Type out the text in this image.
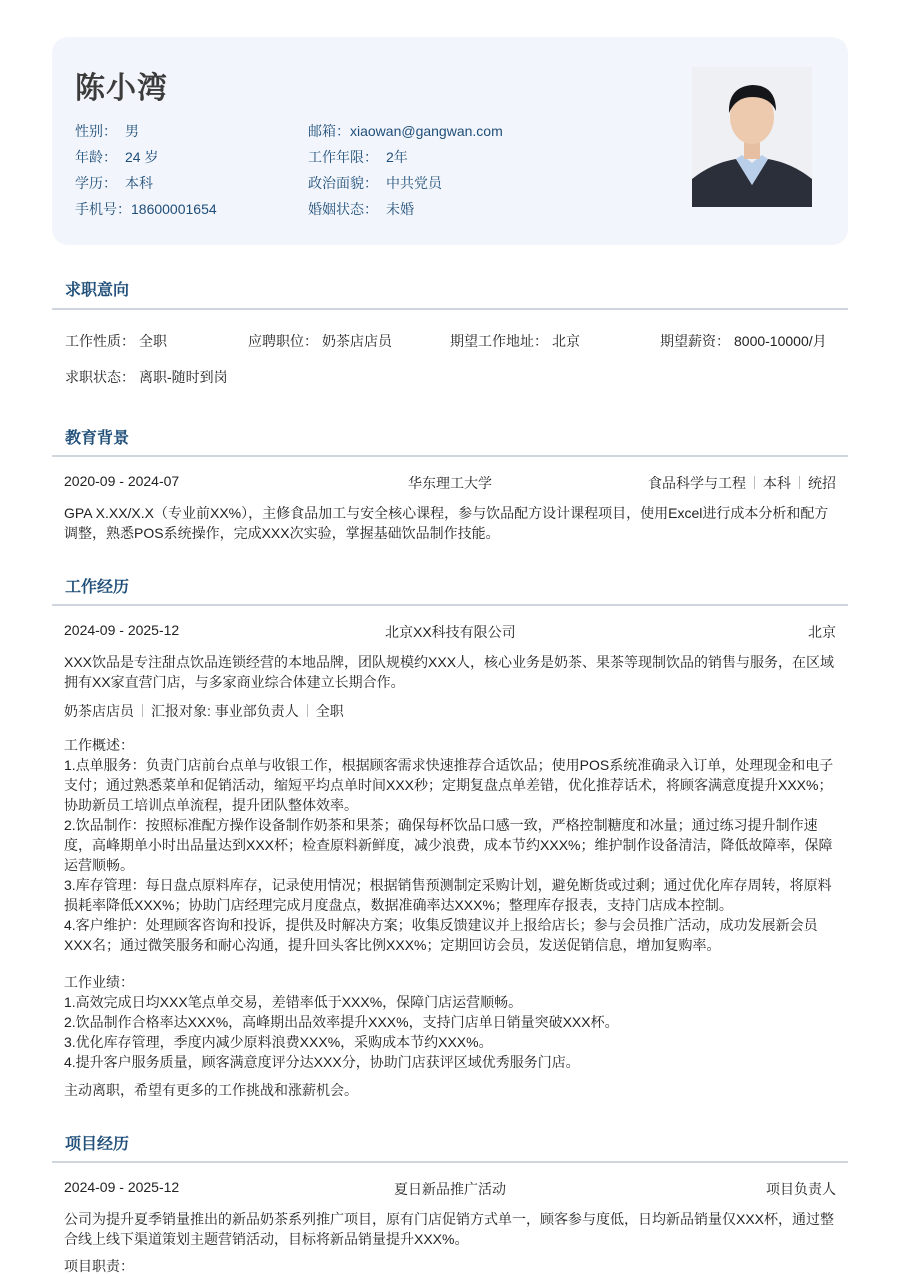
陈小湾
性别： 男
年龄： 24 岁
学历： 本科
手机号：18600001654
邮箱：xiaowan@gangwan.com
工作年限： 2年
政治面貌： 中共党员
婚姻状态： 未婚
求职意向
工作性质： 全职	应聘职位： 奶茶店店员	期望工作地址： 北京	期望薪资： 8000-10000/月
求职状态： 离职-随时到岗
教育背景
2020-09 - 2024-07	华东理工大学	食品科学与工程 本科 统招
GPA X.XX/X.X（专业前XX%），主修食品加工与安全核心课程，参与饮品配方设计课程项目，使用Excel进行成本分析和配方
调整，熟悉POS系统操作，完成XXX次实验，掌握基础饮品制作技能。
工作经历
2024-09 - 2025-12	北京XX科技有限公司	北京
XXX饮品是专注甜点饮品连锁经营的本地品牌，团队规模约XXX人，核心业务是奶茶、果茶等现制饮品的销售与服务，在区域
拥有XX家直营门店，与多家商业综合体建立长期合作。
奶茶店店员 汇报对象: 事业部负责人 全职
工作概述：
1.点单服务：负责门店前台点单与收银工作，根据顾客需求快速推荐合适饮品；使用POS系统准确录入订单，处理现金和电子
支付；通过熟悉菜单和促销活动，缩短平均点单时间XXX秒；定期复盘点单差错，优化推荐话术，将顾客满意度提升XXX%；
协助新员工培训点单流程，提升团队整体效率。
2.饮品制作：按照标准配方操作设备制作奶茶和果茶；确保每杯饮品口感一致，严格控制糖度和冰量；通过练习提升制作速
度，高峰期单小时出品量达到XXX杯；检查原料新鲜度，减少浪费，成本节约XXX%；维护制作设备清洁，降低故障率，保障
运营顺畅。
3.库存管理：每日盘点原料库存，记录使用情况；根据销售预测制定采购计划，避免断货或过剩；通过优化库存周转，将原料
损耗率降低XXX%；协助门店经理完成月度盘点，数据准确率达XXX%；整理库存报表，支持门店成本控制。
4.客户维护：处理顾客咨询和投诉，提供及时解决方案；收集反馈建议并上报给店长；参与会员推广活动，成功发展新会员
XXX名；通过微笑服务和耐心沟通，提升回头客比例XXX%；定期回访会员，发送促销信息，增加复购率。
工作业绩：
1.高效完成日均XXX笔点单交易，差错率低于XXX%，保障门店运营顺畅。
2.饮品制作合格率达XXX%，高峰期出品效率提升XXX%，支持门店单日销量突破XXX杯。
3.优化库存管理，季度内减少原料浪费XXX%，采购成本节约XXX%。
4.提升客户服务质量，顾客满意度评分达XXX分，协助门店获评区域优秀服务门店。
主动离职，希望有更多的工作挑战和涨薪机会。
项目经历
2024-09 - 2025-12	夏日新品推广活动	项目负责人
公司为提升夏季销量推出的新品奶茶系列推广项目，原有门店促销方式单一，顾客参与度低，日均新品销量仅XXX杯，通过整
合线上线下渠道策划主题营销活动，目标将新品销量提升XXX%。
项目职责：
